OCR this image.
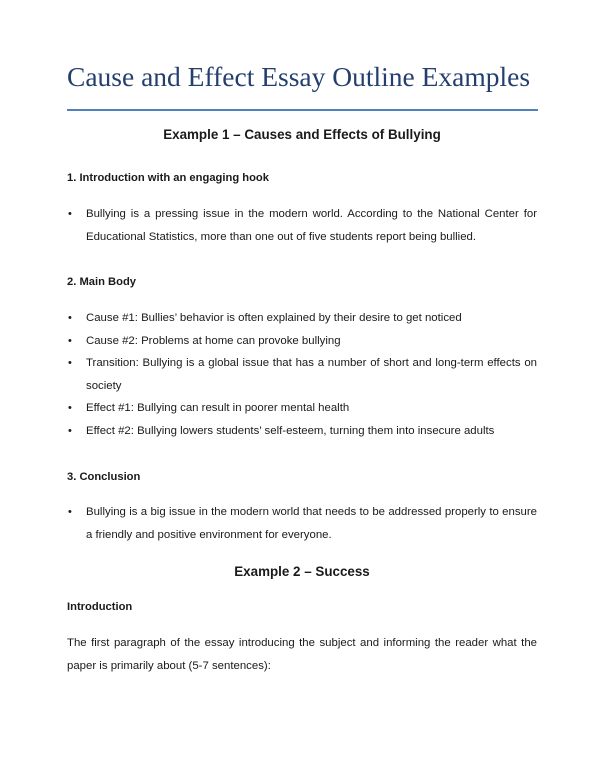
Cause and Effect Essay Outline Examples
Example 1 – Causes and Effects of Bullying

1. Introduction with an engaging hook

• Bullying is a pressing issue in the modern world. According to the National Center for Educational Statistics, more than one out of five students report being bullied.

2. Main Body

• Cause #1: Bullies’ behavior is often explained by their desire to get noticed
• Cause #2: Problems at home can provoke bullying
• Transition: Bullying is a global issue that has a number of short and long-term effects on society
• Effect #1: Bullying can result in poorer mental health
• Effect #2: Bullying lowers students’ self-esteem, turning them into insecure adults

3. Conclusion

• Bullying is a big issue in the modern world that needs to be addressed properly to ensure a friendly and positive environment for everyone.
Example 2 – Success

Introduction

The first paragraph of the essay introducing the subject and informing the reader what the paper is primarily about (5-7 sentences):
